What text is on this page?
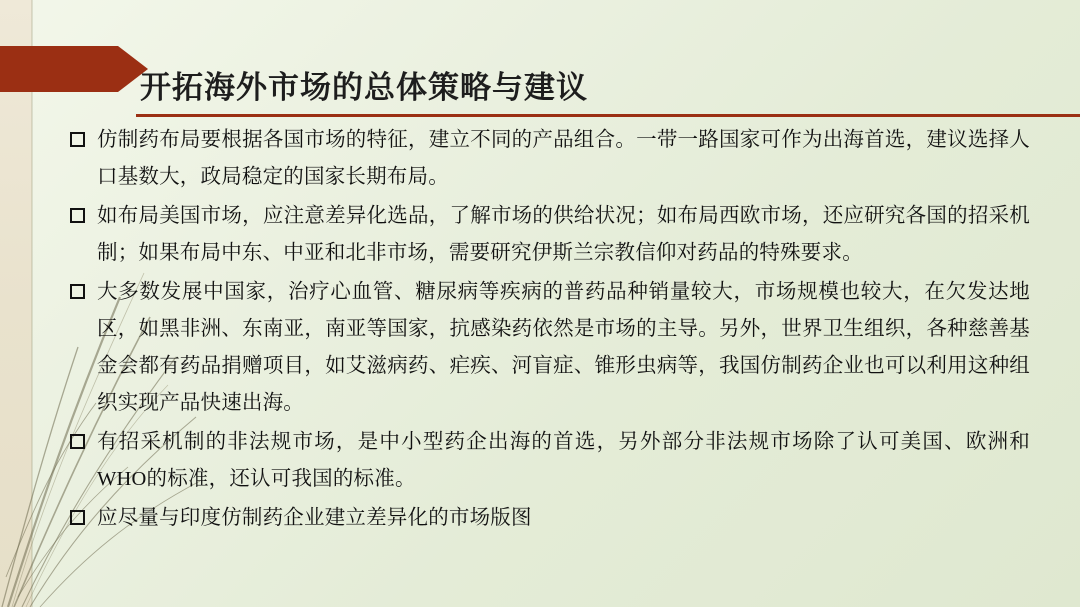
开拓海外市场的总体策略与建议
仿制药布局要根据各国市场的特征，建立不同的产品组合。一带一路国家可作为出海首选，建议选择人口基数大，政局稳定的国家长期布局。
如布局美国市场，应注意差异化选品，了解市场的供给状况；如布局西欧市场，还应研究各国的招采机制；如果布局中东、中亚和北非市场，需要研究伊斯兰宗教信仰对药品的特殊要求。
大多数发展中国家，治疗心血管、糖尿病等疾病的普药品种销量较大，市场规模也较大，在欠发达地区，如黑非洲、东南亚，南亚等国家，抗感染药依然是市场的主导。另外，世界卫生组织，各种慈善基金会都有药品捐赠项目，如艾滋病药、疟疾、河盲症、锥形虫病等，我国仿制药企业也可以利用这种组织实现产品快速出海。
有招采机制的非法规市场，是中小型药企出海的首选，另外部分非法规市场除了认可美国、欧洲和WHO的标准，还认可我国的标准。
应尽量与印度仿制药企业建立差异化的市场版图
